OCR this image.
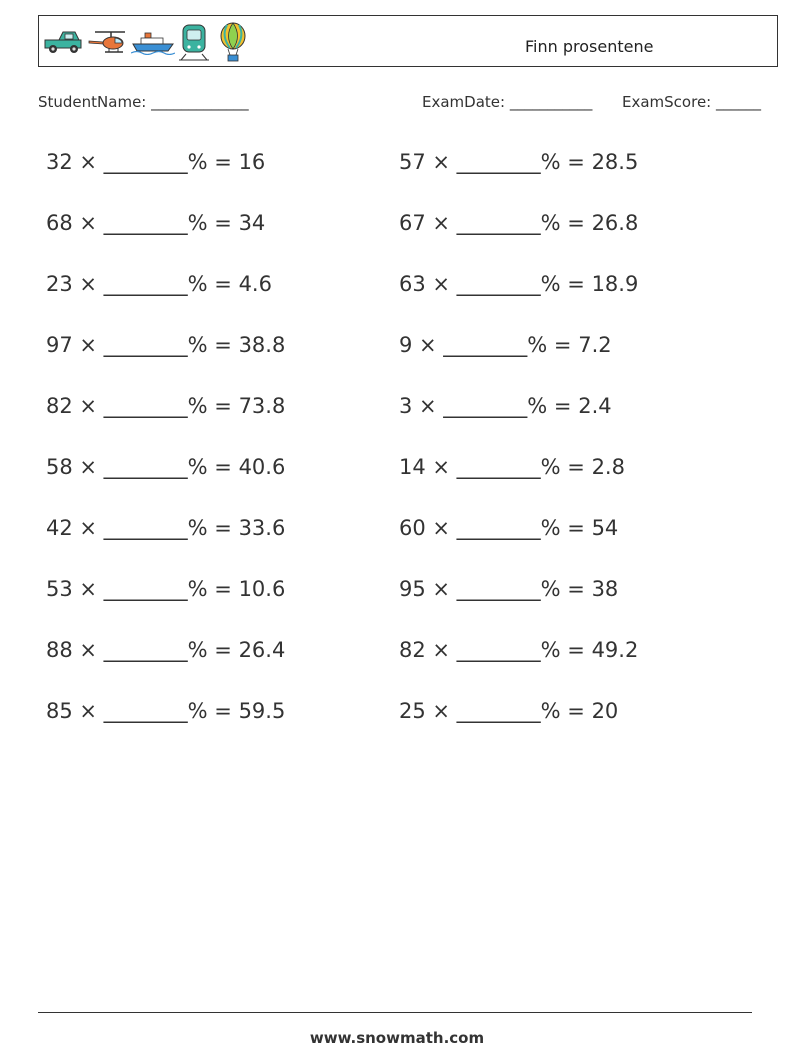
Finn prosentene
StudentName: _____________	ExamDate: ___________ ExamScore: ______
32 × ________% = 16
68 × ________% = 34
23 × ________% = 4.6
97 × ________% = 38.8
82 × ________% = 73.8
58 × ________% = 40.6
42 × ________% = 33.6
53 × ________% = 10.6
88 × ________% = 26.4
85 × ________% = 59.5
57 × ________% = 28.5
67 × ________% = 26.8
63 × ________% = 18.9
9 × ________% = 7.2
3 × ________% = 2.4
14 × ________% = 2.8
60 × ________% = 54
95 × ________% = 38
82 × ________% = 49.2
25 × ________% = 20
www.snowmath.com
